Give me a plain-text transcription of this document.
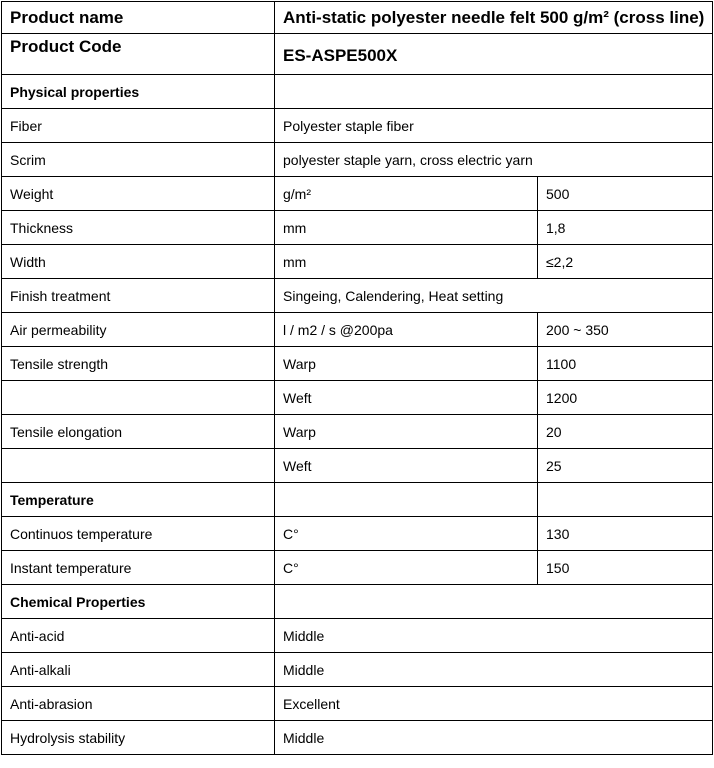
Product name	Anti-static polyester needle felt 500 g/m² (cross line)	
Product Code	ES-ASPE500X	
Physical properties		
Fiber	Polyester staple fiber	
Scrim	polyester staple yarn, cross electric yarn	
Weight	g/m²	500
Thickness	mm	1,8
Width	mm	≤2,2
Finish treatment	Singeing, Calendering, Heat setting	
Air permeability	l / m2 / s @200pa	200 ~ 350
Tensile strength	Warp	1100
	Weft	1200
Tensile elongation	Warp	20
	Weft	25
Temperature		
Continuos temperature	C°	130
Instant temperature	C°	150
Chemical Properties		
Anti-acid	Middle	
Anti-alkali	Middle	
Anti-abrasion	Excellent	
Hydrolysis stability	Middle	
